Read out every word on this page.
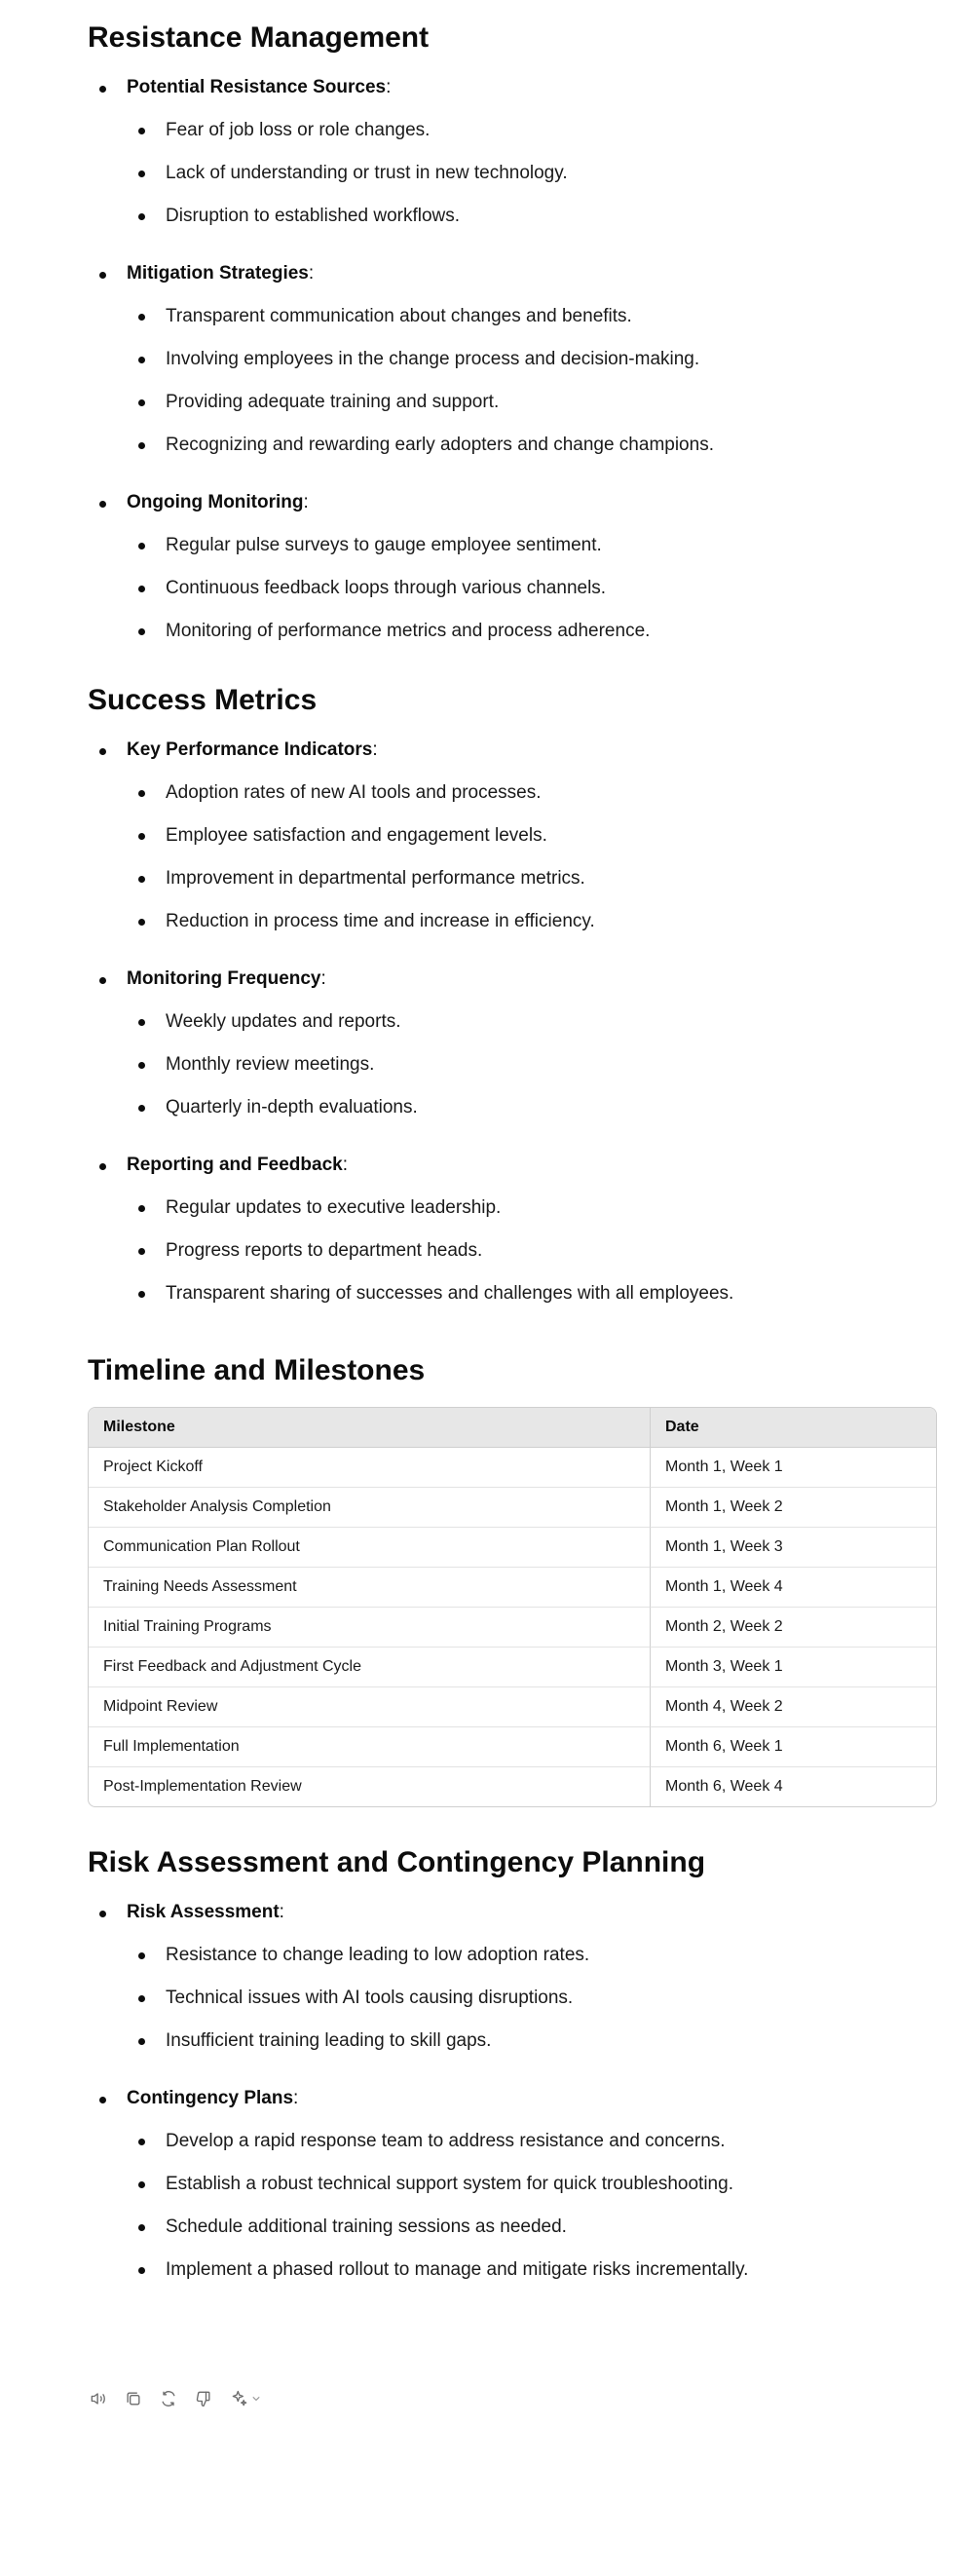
Resistance Management
Potential Resistance Sources:
Fear of job loss or role changes.
Lack of understanding or trust in new technology.
Disruption to established workflows.
Mitigation Strategies:
Transparent communication about changes and benefits.
Involving employees in the change process and decision-making.
Providing adequate training and support.
Recognizing and rewarding early adopters and change champions.
Ongoing Monitoring:
Regular pulse surveys to gauge employee sentiment.
Continuous feedback loops through various channels.
Monitoring of performance metrics and process adherence.
Success Metrics
Key Performance Indicators:
Adoption rates of new AI tools and processes.
Employee satisfaction and engagement levels.
Improvement in departmental performance metrics.
Reduction in process time and increase in efficiency.
Monitoring Frequency:
Weekly updates and reports.
Monthly review meetings.
Quarterly in-depth evaluations.
Reporting and Feedback:
Regular updates to executive leadership.
Progress reports to department heads.
Transparent sharing of successes and challenges with all employees.
Timeline and Milestones
Milestone	Date
Project Kickoff	Month 1, Week 1
Stakeholder Analysis Completion	Month 1, Week 2
Communication Plan Rollout	Month 1, Week 3
Training Needs Assessment	Month 1, Week 4
Initial Training Programs	Month 2, Week 2
First Feedback and Adjustment Cycle	Month 3, Week 1
Midpoint Review	Month 4, Week 2
Full Implementation	Month 6, Week 1
Post-Implementation Review	Month 6, Week 4
Risk Assessment and Contingency Planning
Risk Assessment:
Resistance to change leading to low adoption rates.
Technical issues with AI tools causing disruptions.
Insufficient training leading to skill gaps.
Contingency Plans:
Develop a rapid response team to address resistance and concerns.
Establish a robust technical support system for quick troubleshooting.
Schedule additional training sessions as needed.
Implement a phased rollout to manage and mitigate risks incrementally.
